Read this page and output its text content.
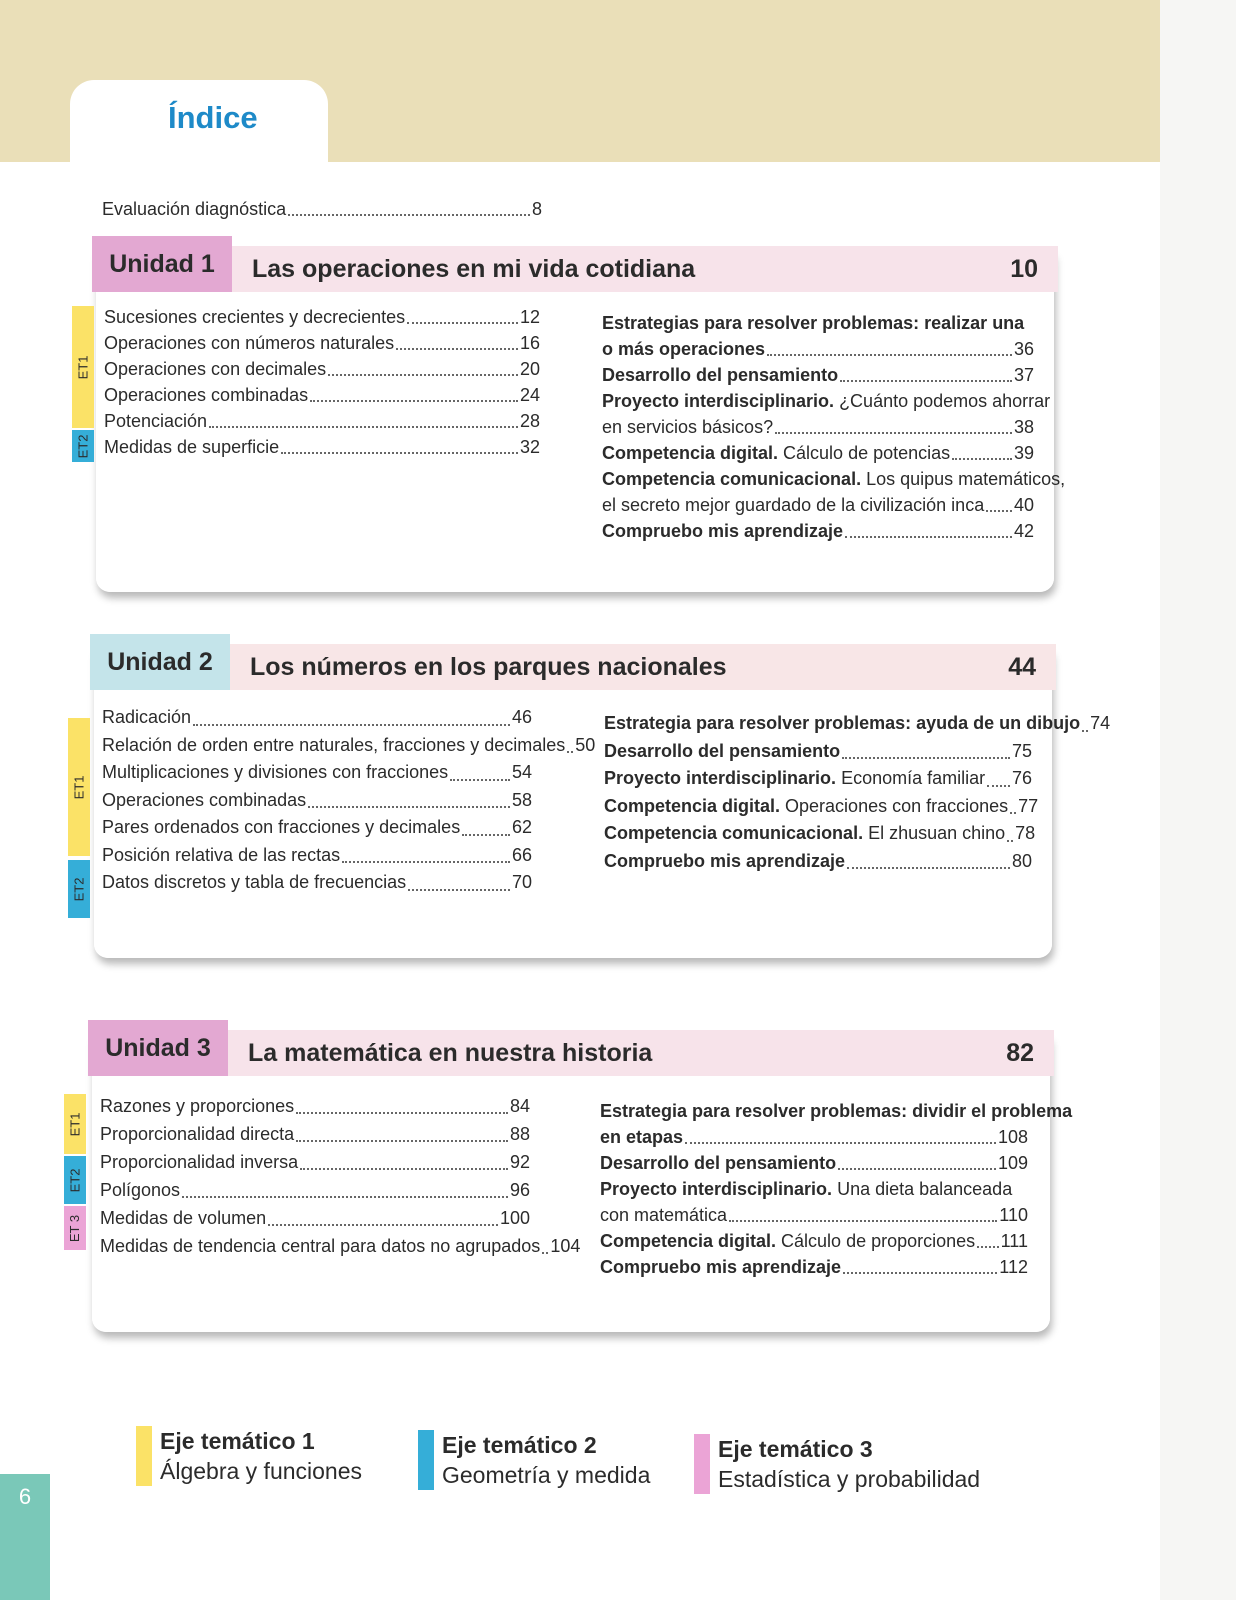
Índice
Evaluación diagnóstica	8
Unidad 1	Las operaciones en mi vida cotidiana	10
Sucesiones crecientes y decrecientes	12
Operaciones con números naturales	16
Operaciones con decimales	20
Operaciones combinadas	24
Potenciación	28
Medidas de superficie	32
Estrategias para resolver problemas: realizar una
o más operaciones	36
Desarrollo del pensamiento	37
Proyecto interdisciplinario. ¿Cuánto podemos ahorrar
en servicios básicos?	38
Competencia digital. Cálculo de potencias	39
Competencia comunicacional. Los quipus matemáticos,
el secreto mejor guardado de la civilización inca 40
Compruebo mis aprendizaje	42
ET1
ET2
Unidad 2	Los números en los parques nacionales	44
Radicación	46
Relación de orden entre naturales, fracciones y decimales 50
Multiplicaciones y divisiones con fracciones	54
Operaciones combinadas	58
Pares ordenados con fracciones y decimales	62
Posición relativa de las rectas	66
Datos discretos y tabla de frecuencias	70
Estrategia para resolver problemas: ayuda de un dibujo 74
Desarrollo del pensamiento	75
Proyecto interdisciplinario. Economía familiar 76
Competencia digital. Operaciones con fracciones 77
Competencia comunicacional. El zhusuan chino 78
Compruebo mis aprendizaje	80
ET1
ET2
Unidad 3	La matemática en nuestra historia	82
Razones y proporciones	84
Proporcionalidad directa	88
Proporcionalidad inversa	92
Polígonos	96
Medidas de volumen	100
Medidas de tendencia central para datos no agrupados 104
Estrategia para resolver problemas: dividir el problema
en etapas	108
Desarrollo del pensamiento	109
Proyecto interdisciplinario. Una dieta balanceada
con matemática	110
Competencia digital. Cálculo de proporciones 111
Compruebo mis aprendizaje	112
ET1
ET2
ET 3
Eje temático 1
Álgebra y funciones
Eje temático 2
Geometría y medida
Eje temático 3
Estadística y probabilidad
6
